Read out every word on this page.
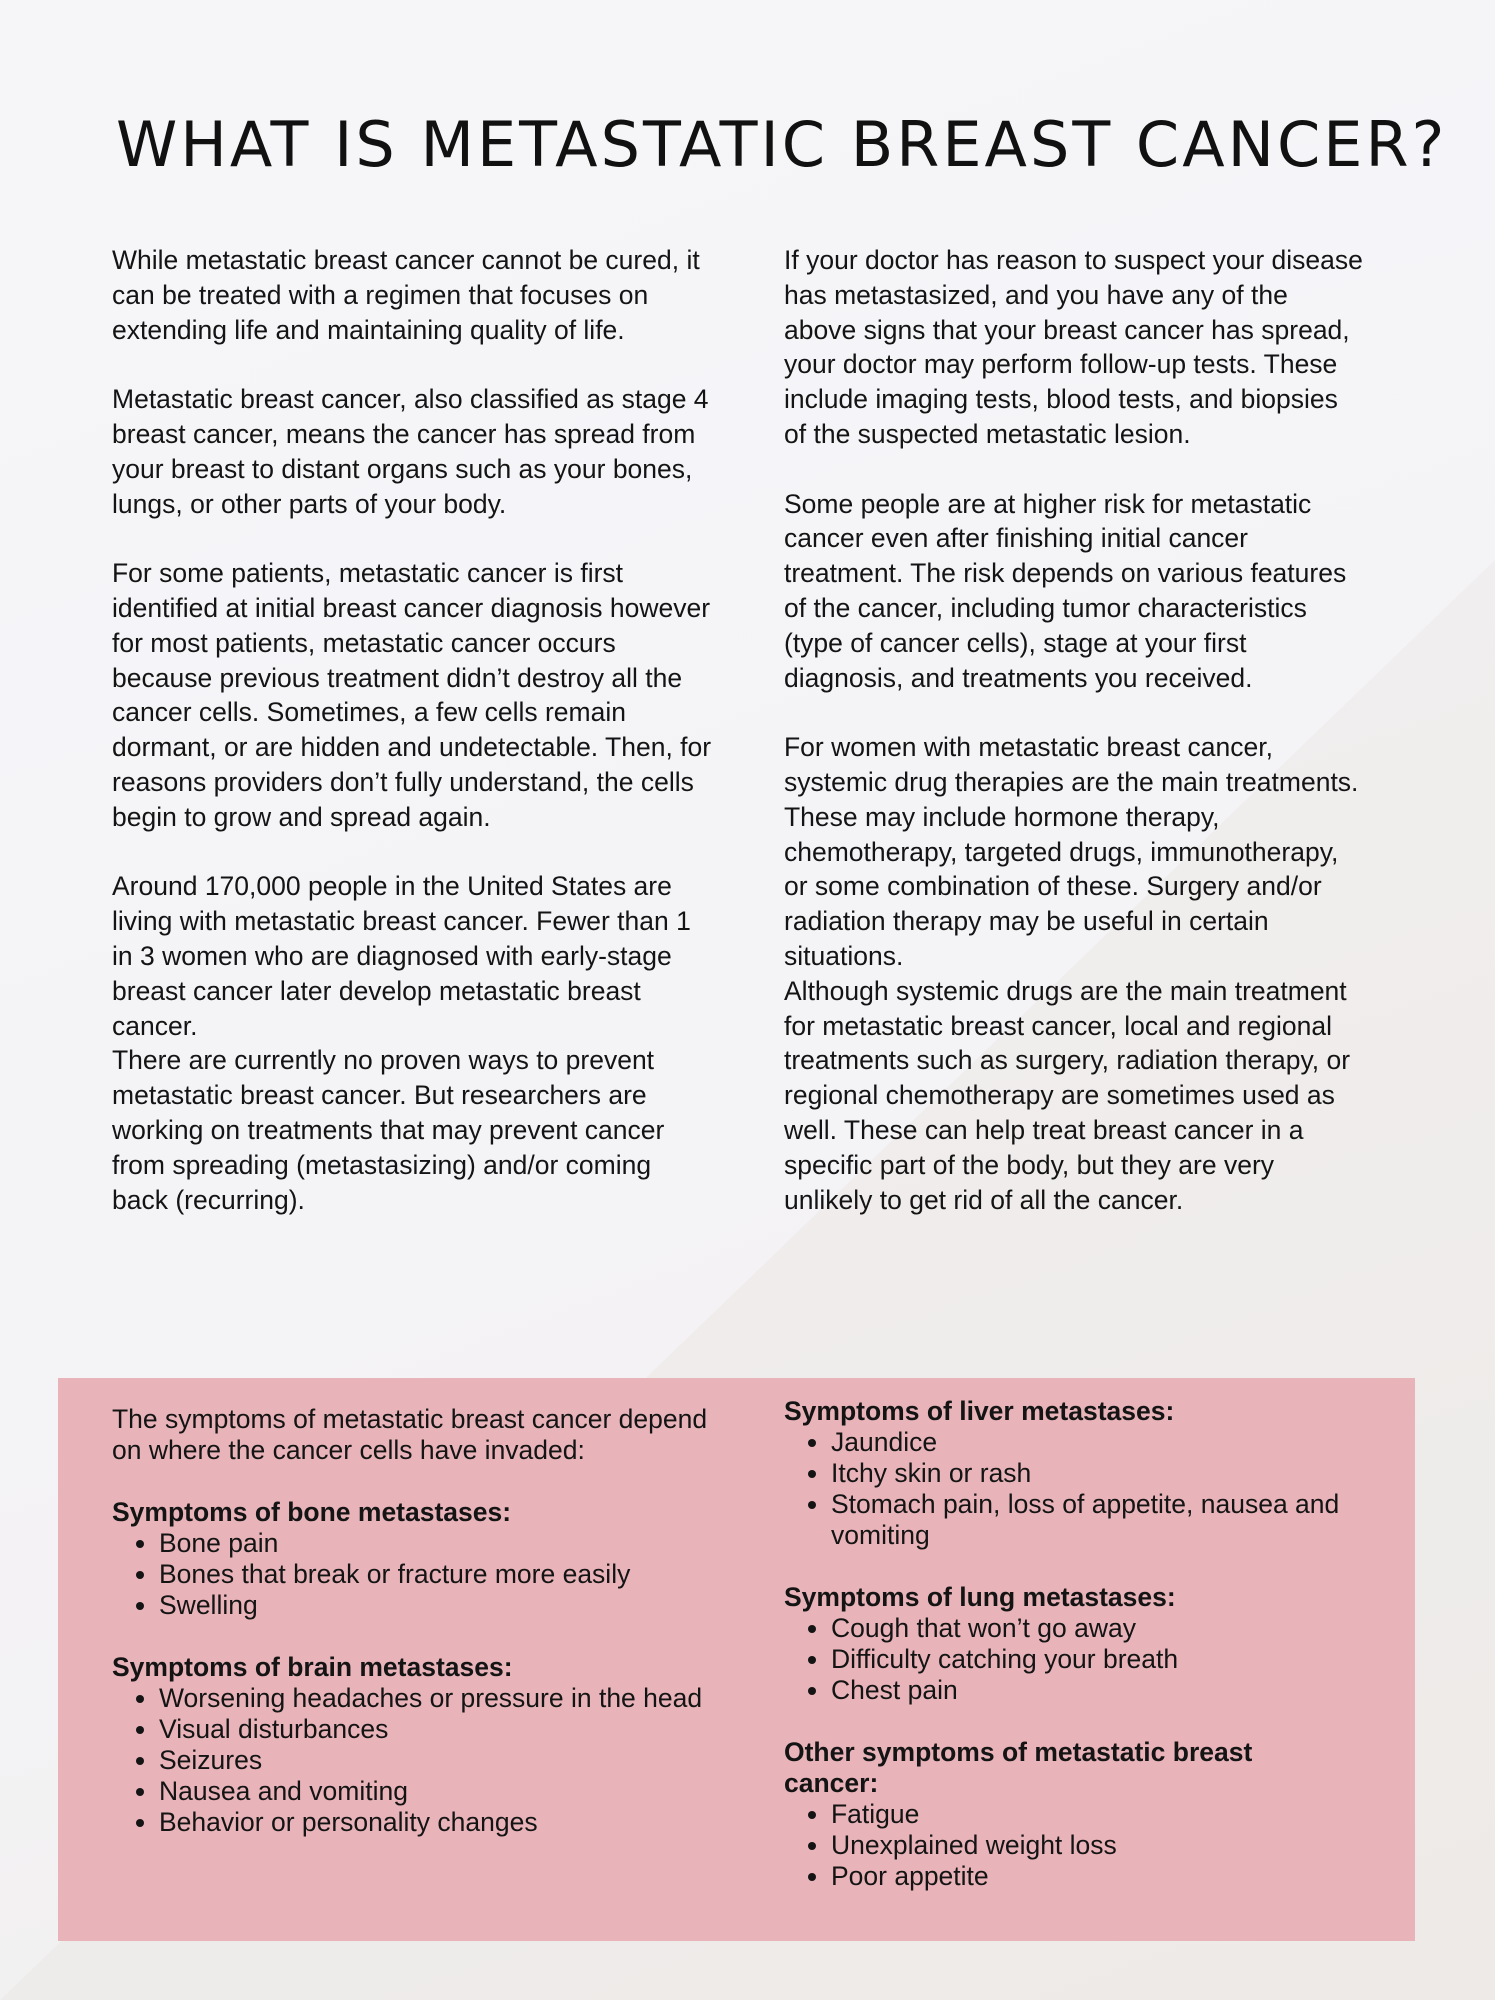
WHAT IS METASTATIC BREAST CANCER?

While metastatic breast cancer cannot be cured, it can be treated with a regimen that focuses on extending life and maintaining quality of life.

Metastatic breast cancer, also classified as stage 4 breast cancer, means the cancer has spread from your breast to distant organs such as your bones, lungs, or other parts of your body.

For some patients, metastatic cancer is first identified at initial breast cancer diagnosis however for most patients, metastatic cancer occurs because previous treatment didn’t destroy all the cancer cells. Sometimes, a few cells remain dormant, or are hidden and undetectable. Then, for reasons providers don’t fully understand, the cells begin to grow and spread again.

Around 170,000 people in the United States are living with metastatic breast cancer. Fewer than 1 in 3 women who are diagnosed with early-stage breast cancer later develop metastatic breast cancer.

There are currently no proven ways to prevent metastatic breast cancer. But researchers are working on treatments that may prevent cancer from spreading (metastasizing) and/or coming back (recurring).

If your doctor has reason to suspect your disease has metastasized, and you have any of the above signs that your breast cancer has spread, your doctor may perform follow-up tests. These include imaging tests, blood tests, and biopsies of the suspected metastatic lesion.

Some people are at higher risk for metastatic cancer even after finishing initial cancer treatment. The risk depends on various features of the cancer, including tumor characteristics (type of cancer cells), stage at your first diagnosis, and treatments you received.

For women with metastatic breast cancer, systemic drug therapies are the main treatments. These may include hormone therapy, chemotherapy, targeted drugs, immunotherapy, or some combination of these. Surgery and/or radiation therapy may be useful in certain situations.

Although systemic drugs are the main treatment for metastatic breast cancer, local and regional treatments such as surgery, radiation therapy, or regional chemotherapy are sometimes used as well. These can help treat breast cancer in a specific part of the body, but they are very unlikely to get rid of all the cancer.

The symptoms of metastatic breast cancer depend on where the cancer cells have invaded:

Symptoms of bone metastases:

• Bone pain
• Bones that break or fracture more easily
• Swelling

Symptoms of brain metastases:

• Worsening headaches or pressure in the head
• Visual disturbances
• Seizures
• Nausea and vomiting
• Behavior or personality changes

Symptoms of liver metastases:

• Jaundice
• Itchy skin or rash
• Stomach pain, loss of appetite, nausea and vomiting

Symptoms of lung metastases:

• Cough that won’t go away
• Difficulty catching your breath
• Chest pain

Other symptoms of metastatic breast cancer:

• Fatigue
• Unexplained weight loss
• Poor appetite
